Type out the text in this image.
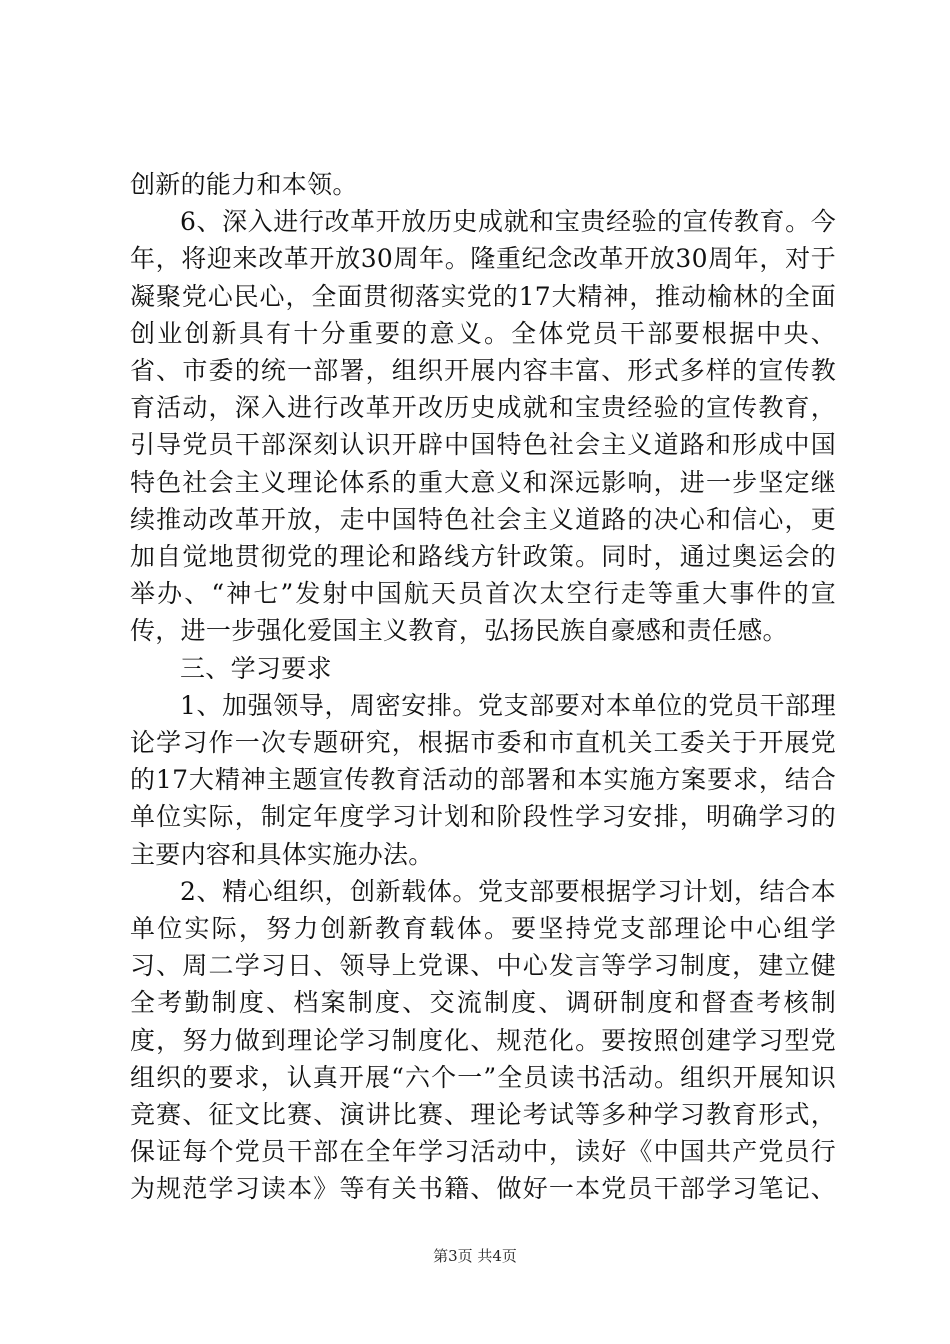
创新的能力和本领。

6、深入进行改革开放历史成就和宝贵经验的宣传教育。今年，将迎来改革开放30周年。隆重纪念改革开放30周年，对于凝聚党心民心，全面贯彻落实党的17大精神，推动榆林的全面创业创新具有十分重要的意义。全体党员干部要根据中央、省、市委的统一部署，组织开展内容丰富、形式多样的宣传教育活动，深入进行改革开改历史成就和宝贵经验的宣传教育，引导党员干部深刻认识开辟中国特色社会主义道路和形成中国特色社会主义理论体系的重大意义和深远影响，进一步坚定继续推动改革开放，走中国特色社会主义道路的决心和信心，更加自觉地贯彻党的理论和路线方针政策。同时，通过奥运会的举办、“神七”发射中国航天员首次太空行走等重大事件的宣传，进一步强化爱国主义教育，弘扬民族自豪感和责任感。

三、学习要求

1、加强领导，周密安排。党支部要对本单位的党员干部理论学习作一次专题研究，根据市委和市直机关工委关于开展党的17大精神主题宣传教育活动的部署和本实施方案要求，结合单位实际，制定年度学习计划和阶段性学习安排，明确学习的主要内容和具体实施办法。

2、精心组织，创新载体。党支部要根据学习计划，结合本单位实际，努力创新教育载体。要坚持党支部理论中心组学习、周二学习日、领导上党课、中心发言等学习制度，建立健全考勤制度、档案制度、交流制度、调研制度和督查考核制度，努力做到理论学习制度化、规范化。要按照创建学习型党组织的要求，认真开展“六个一”全员读书活动。组织开展知识竞赛、征文比赛、演讲比赛、理论考试等多种学习教育形式，保证每个党员干部在全年学习活动中，读好《中国共产党员行为规范学习读本》等有关书籍、做好一本党员干部学习笔记、

第3页 共4页
